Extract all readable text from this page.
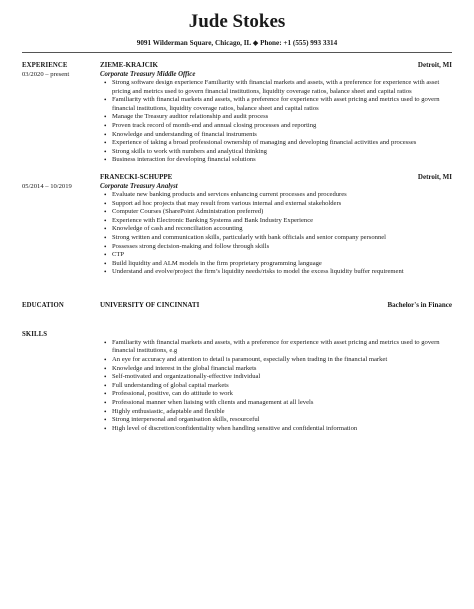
Jude Stokes
9091 Wilderman Square, Chicago, IL ◆ Phone: +1 (555) 993 3314
EXPERIENCE
03/2020 – present
ZIEME-KRAJCIK	Detroit, MI
Corporate Treasury Middle Office
• Strong software design experience Familiarity with financial markets and assets, with a preference for experience with asset pricing and metrics used to govern financial institutions, liquidity coverage ratios, balance sheet and capital ratios
• Familiarity with financial markets and assets, with a preference for experience with asset pricing and metrics used to govern financial institutions, liquidity coverage ratios, balance sheet and capital ratios
• Manage the Treasury auditor relationship and audit process
• Proven track record of month-end and annual closing processes and reporting
• Knowledge and understanding of financial instruments
• Experience of taking a broad professional ownership of managing and developing financial activities and processes
• Strong skills to work with numbers and analytical thinking
• Business interaction for developing financial solutions
05/2014 – 10/2019
FRANECKI-SCHUPPE	Detroit, MI
Corporate Treasury Analyst
• Evaluate new banking products and services enhancing current processes and procedures
• Support ad hoc projects that may result from various internal and external stakeholders
• Computer Courses (SharePoint Administration preferred)
• Experience with Electronic Banking Systems and Bank Industry Experience
• Knowledge of cash and reconciliation accounting
• Strong written and communication skills, particularly with bank officials and senior company personnel
• Possesses strong decision-making and follow through skills
• CTP
• Build liquidity and ALM models in the firm proprietary programming language
• Understand and evolve/project the firm’s liquidity needs/risks to model the excess liquidity buffer requirement
EDUCATION	UNIVERSITY OF CINCINNATI	Bachelor's in Finance
SKILLS
• Familiarity with financial markets and assets, with a preference for experience with asset pricing and metrics used to govern financial institutions, e.g
• An eye for accuracy and attention to detail is paramount, especially when trading in the financial market
• Knowledge and interest in the global financial markets
• Self-motivated and organizationally-effective individual
• Full understanding of global capital markets
• Professional, positive, can do attitude to work
• Professional manner when liaising with clients and management at all levels
• Highly enthusiastic, adaptable and flexible
• Strong interpersonal and organisation skills, resourceful
• High level of discretion/confidentiality when handling sensitive and confidential information
